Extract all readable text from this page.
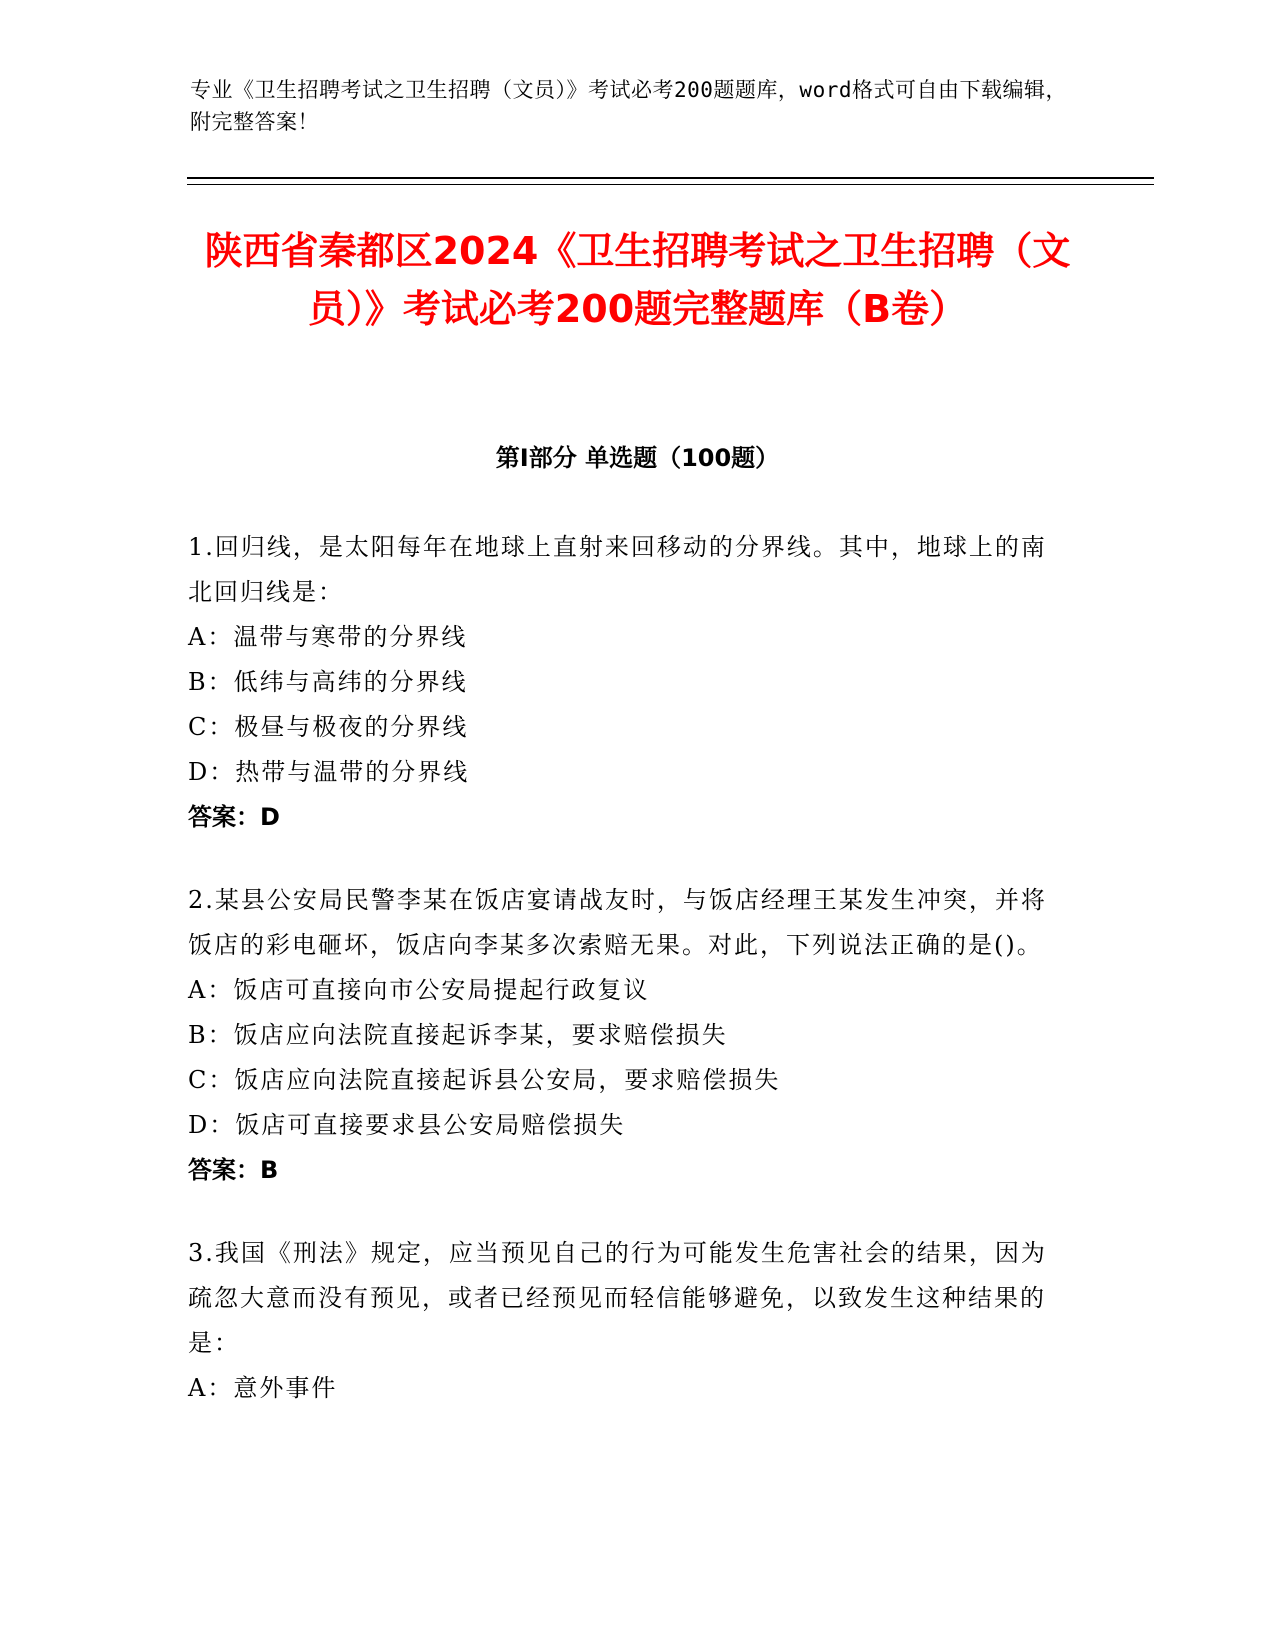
专业《卫生招聘考试之卫生招聘（文员）》考试必考200题题库，word格式可自由下载编辑，附完整答案！
陕西省秦都区2024《卫生招聘考试之卫生招聘（文员）》考试必考200题完整题库（B卷）
第I部分 单选题（100题）

1.回归线，是太阳每年在地球上直射来回移动的分界线。其中，地球上的南北回归线是：

A：温带与寒带的分界线

B：低纬与高纬的分界线

C：极昼与极夜的分界线

D：热带与温带的分界线

答案：D

2.某县公安局民警李某在饭店宴请战友时，与饭店经理王某发生冲突，并将饭店的彩电砸坏，饭店向李某多次索赔无果。对此，下列说法正确的是()。

A：饭店可直接向市公安局提起行政复议

B：饭店应向法院直接起诉李某，要求赔偿损失

C：饭店应向法院直接起诉县公安局，要求赔偿损失

D：饭店可直接要求县公安局赔偿损失

答案：B

3.我国《刑法》规定，应当预见自己的行为可能发生危害社会的结果，因为疏忽大意而没有预见，或者已经预见而轻信能够避免，以致发生这种结果的是：

A：意外事件
